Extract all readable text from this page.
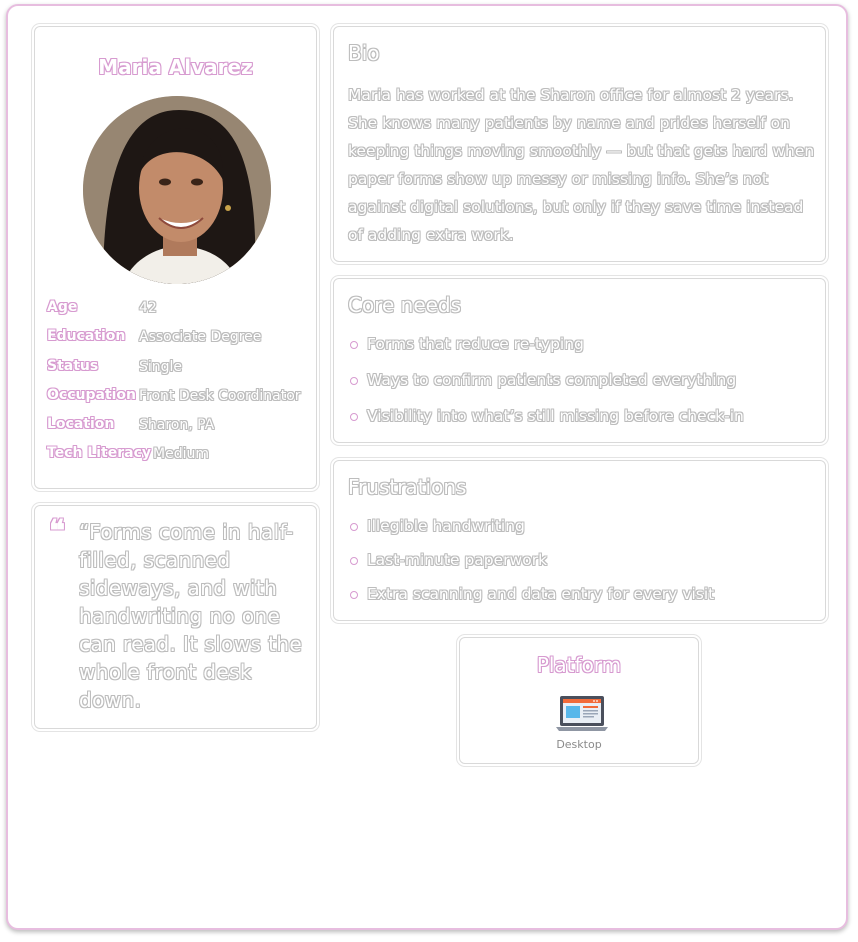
Maria Alvarez
Age	42
Education Associate Degree
Status	Single
Occupation Front Desk Coordinator
Location Sharon, PA
Tech Literacy Medium
❝ “Forms come in half-filled, scanned sideways, and with handwriting no one can read. It slows the whole front desk down.
Bio
Maria has worked at the Sharon office for almost 2 years. She knows many patients by name and prides herself on keeping things moving smoothly — but that gets hard when paper forms show up messy or missing info. She’s not against digital solutions, but only if they save time instead of adding extra work.
Core needs
Forms that reduce re-typing
Ways to confirm patients completed everything
Visibility into what’s still missing before check-in
Frustrations
Illegible handwriting
Last-minute paperwork
Extra scanning and data entry for every visit
Platform
Desktop
